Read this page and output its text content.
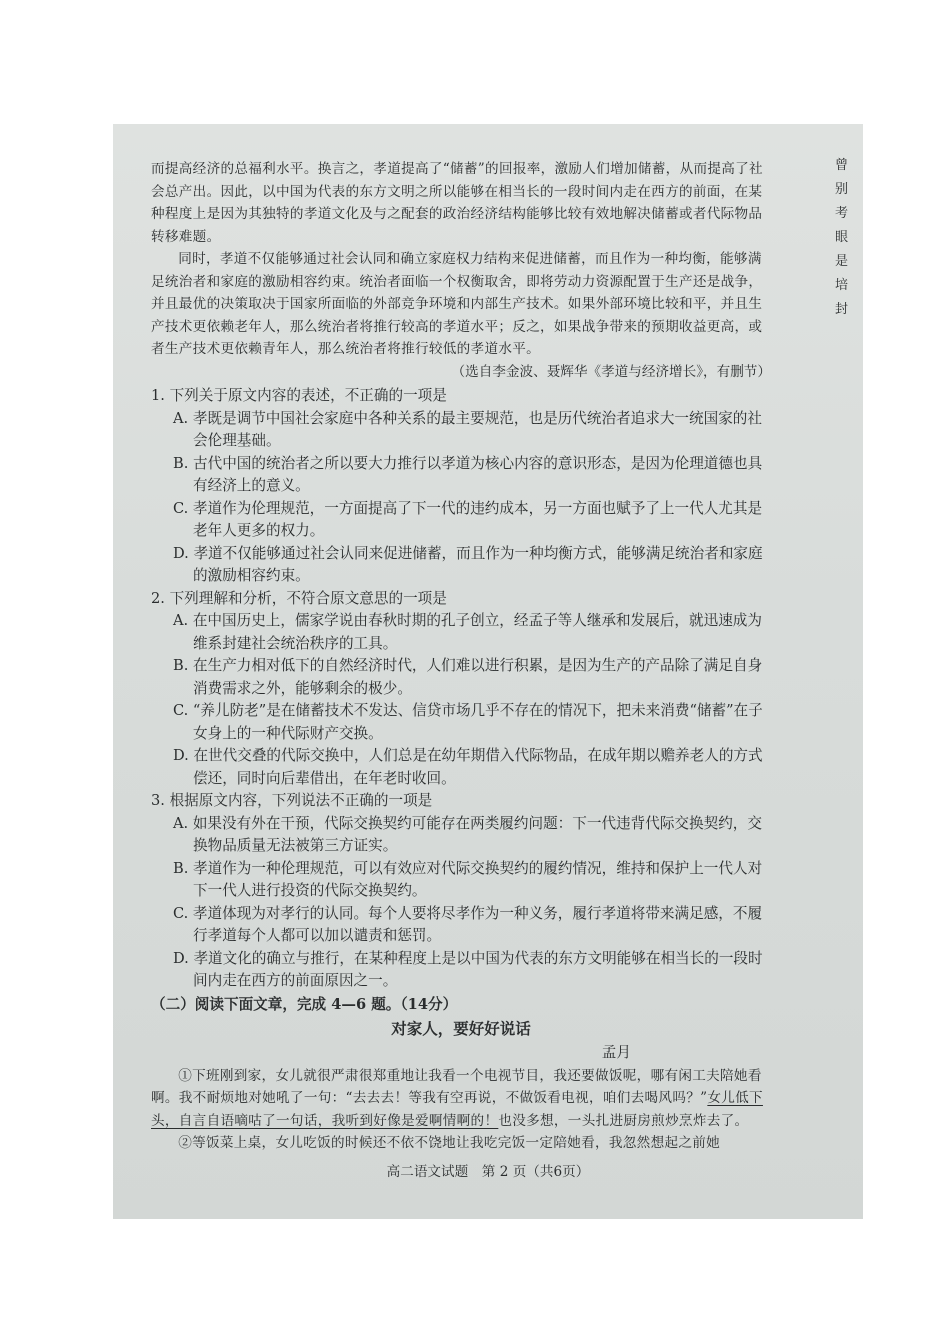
而提高经济的总福利水平。换言之，孝道提高了“储蓄”的回报率，激励人们增加储蓄，从而提高了社会总产出。因此，以中国为代表的东方文明之所以能够在相当长的一段时间内走在西方的前面，在某种程度上是因为其独特的孝道文化及与之配套的政治经济结构能够比较有效地解决储蓄或者代际物品转移难题。

同时，孝道不仅能够通过社会认同和确立家庭权力结构来促进储蓄，而且作为一种均衡，能够满足统治者和家庭的激励相容约束。统治者面临一个权衡取舍，即将劳动力资源配置于生产还是战争，并且最优的决策取决于国家所面临的外部竞争环境和内部生产技术。如果外部环境比较和平，并且生产技术更依赖老年人，那么统治者将推行较高的孝道水平；反之，如果战争带来的预期收益更高，或者生产技术更依赖青年人，那么统治者将推行较低的孝道水平。

（选自李金波、聂辉华《孝道与经济增长》，有删节）

1. 下列关于原文内容的表述，不正确的一项是

A. 孝既是调节中国社会家庭中各种关系的最主要规范，也是历代统治者追求大一统国家的社会伦理基础。

B. 古代中国的统治者之所以要大力推行以孝道为核心内容的意识形态，是因为伦理道德也具有经济上的意义。

C. 孝道作为伦理规范，一方面提高了下一代的违约成本，另一方面也赋予了上一代人尤其是老年人更多的权力。

D. 孝道不仅能够通过社会认同来促进储蓄，而且作为一种均衡方式，能够满足统治者和家庭的激励相容约束。

2. 下列理解和分析，不符合原文意思的一项是

A. 在中国历史上，儒家学说由春秋时期的孔子创立，经孟子等人继承和发展后，就迅速成为维系封建社会统治秩序的工具。

B. 在生产力相对低下的自然经济时代，人们难以进行积累，是因为生产的产品除了满足自身消费需求之外，能够剩余的极少。

C. “养儿防老”是在储蓄技术不发达、信贷市场几乎不存在的情况下，把未来消费“储蓄”在子女身上的一种代际财产交换。

D. 在世代交叠的代际交换中，人们总是在幼年期借入代际物品，在成年期以赡养老人的方式偿还，同时向后辈借出，在年老时收回。

3. 根据原文内容，下列说法不正确的一项是

A. 如果没有外在干预，代际交换契约可能存在两类履约问题：下一代违背代际交换契约，交换物品质量无法被第三方证实。

B. 孝道作为一种伦理规范，可以有效应对代际交换契约的履约情况，维持和保护上一代人对下一代人进行投资的代际交换契约。

C. 孝道体现为对孝行的认同。每个人要将尽孝作为一种义务，履行孝道将带来满足感，不履行孝道每个人都可以加以谴责和惩罚。

D. 孝道文化的确立与推行，在某种程度上是以中国为代表的东方文明能够在相当长的一段时间内走在西方的前面原因之一。

（二）阅读下面文章，完成 4—6 题。（14分）

对家人，要好好说话

孟月

①下班刚到家，女儿就很严肃很郑重地让我看一个电视节目，我还要做饭呢，哪有闲工夫陪她看啊。我不耐烦地对她吼了一句：“去去去！等我有空再说，不做饭看电视，咱们去喝风吗？”女儿低下头，自言自语嘀咕了一句话，我听到好像是爱啊情啊的！也没多想，一头扎进厨房煎炒烹炸去了。

②等饭菜上桌，女儿吃饭的时候还不依不饶地让我吃完饭一定陪她看，我忽然想起之前她

高二语文试题　第 2 页（共6页）
曾 别 考 眼 是 培 封
